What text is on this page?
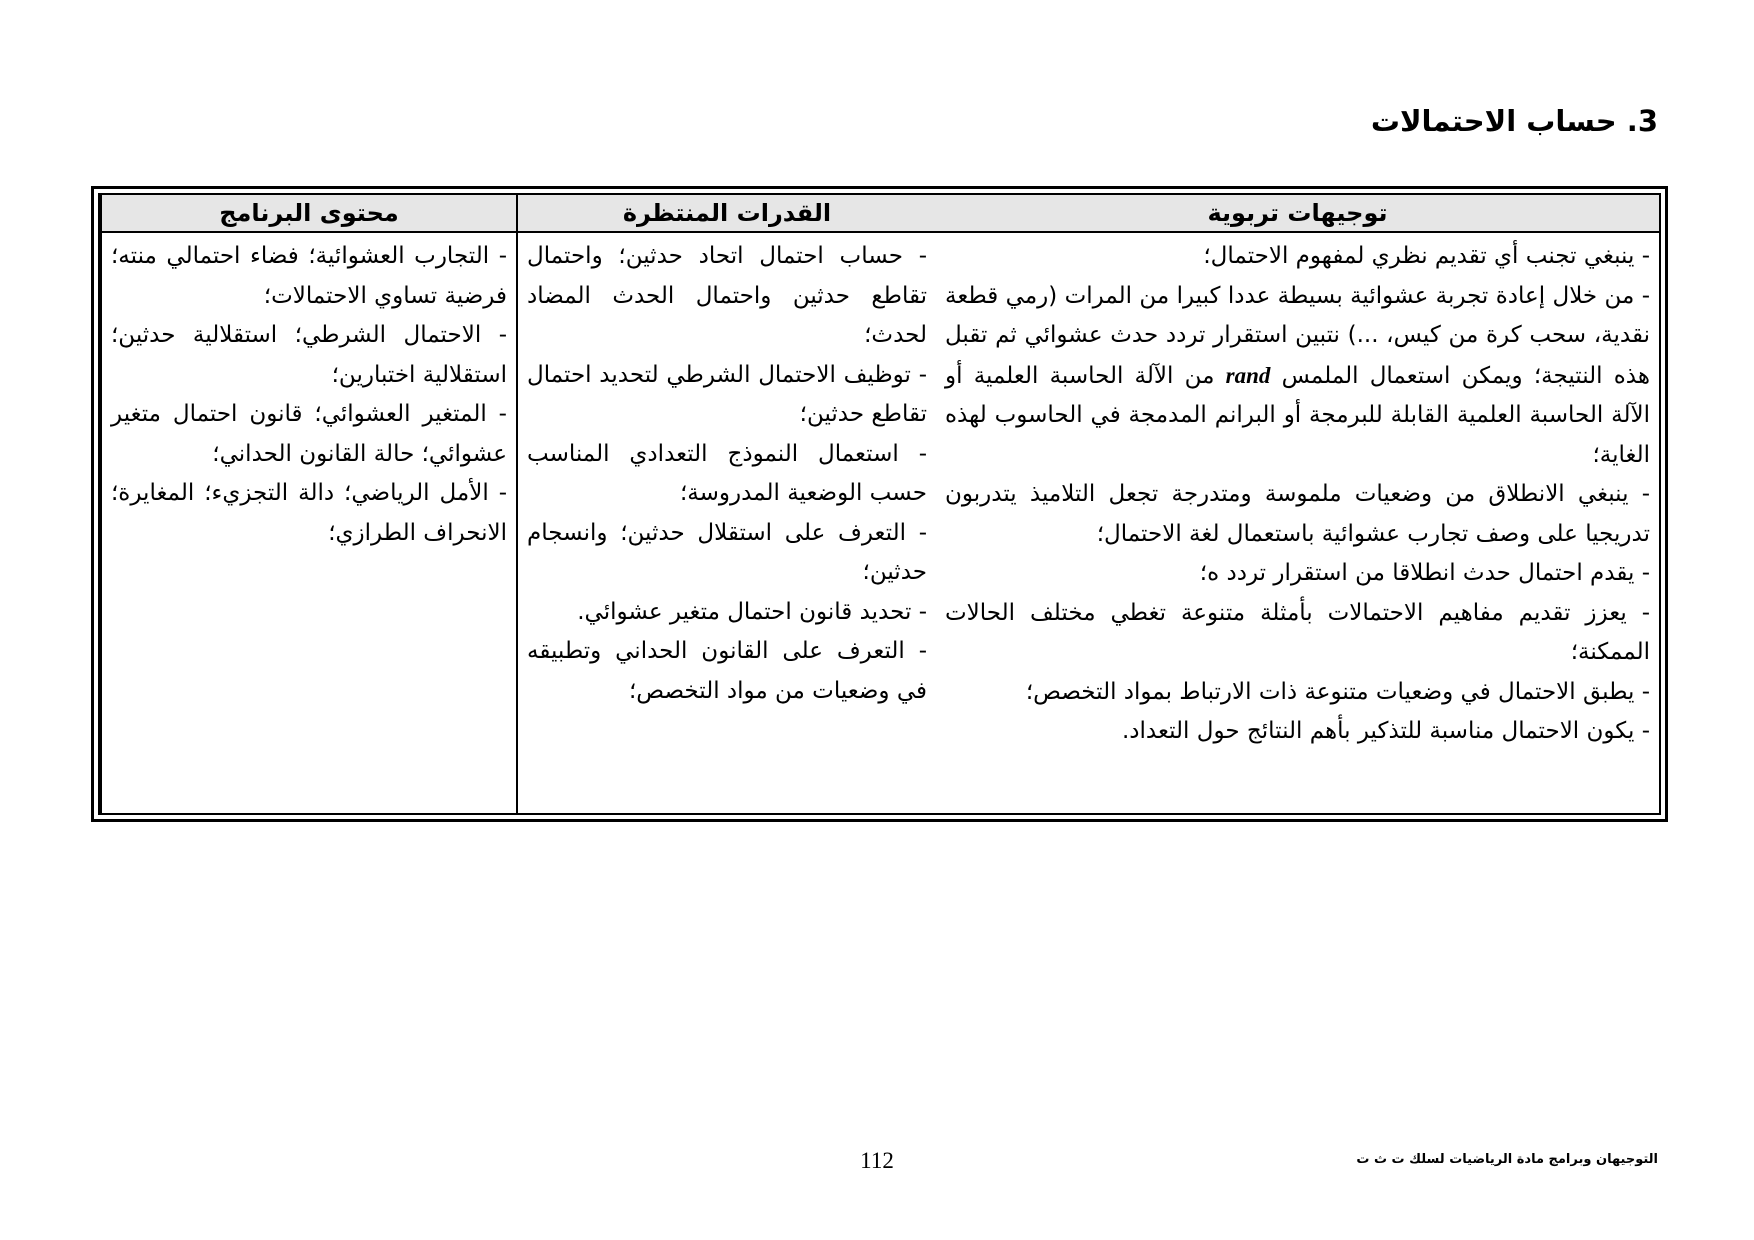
3. حساب الاحتمالات
محتوى البرنامج

- التجارب العشوائية؛ فضاء احتمالي منته؛ فرضية تساوي الاحتمالات؛

- الاحتمال الشرطي؛ استقلالية حدثين؛ استقلالية اختبارين؛

- المتغير العشوائي؛ قانون احتمال متغير عشوائي؛ حالة القانون الحداني؛

- الأمل الرياضي؛ دالة التجزيء؛ المغايرة؛ الانحراف الطرازي؛

القدرات المنتظرة

- حساب احتمال اتحاد حدثين؛ واحتمال تقاطع حدثين واحتمال الحدث المضاد لحدث؛

- توظيف الاحتمال الشرطي لتحديد احتمال تقاطع حدثين؛

- استعمال النموذج التعدادي المناسب حسب الوضعية المدروسة؛

- التعرف على استقلال حدثين؛ وانسجام حدثين؛

- تحديد قانون احتمال متغير عشوائي.

- التعرف على القانون الحداني وتطبيقه في وضعيات من مواد التخصص؛

توجيهات تربوية

- ينبغي تجنب أي تقديم نظري لمفهوم الاحتمال؛

- من خلال إعادة تجربة عشوائية بسيطة عددا كبيرا من المرات (رمي قطعة نقدية، سحب كرة من كيس، ...) نتبين استقرار تردد حدث عشوائي ثم تقبل هذه النتيجة؛ ويمكن استعمال الملمس rand من الآلة الحاسبة العلمية أو الآلة الحاسبة العلمية القابلة للبرمجة أو البرانم المدمجة في الحاسوب لهذه الغاية؛

- ينبغي الانطلاق من وضعيات ملموسة ومتدرجة تجعل التلاميذ يتدربون تدريجيا على وصف تجارب عشوائية باستعمال لغة الاحتمال؛

- يقدم احتمال حدث انطلاقا من استقرار تردد ه؛

- يعزز تقديم مفاهيم الاحتمالات بأمثلة متنوعة تغطي مختلف الحالات الممكنة؛

- يطبق الاحتمال في وضعيات متنوعة ذات الارتباط بمواد التخصص؛

- يكون الاحتمال مناسبة للتذكير بأهم النتائج حول التعداد.

112	التوجيهان وبرامج مادة الرياضيات لسلك ت ث ت
